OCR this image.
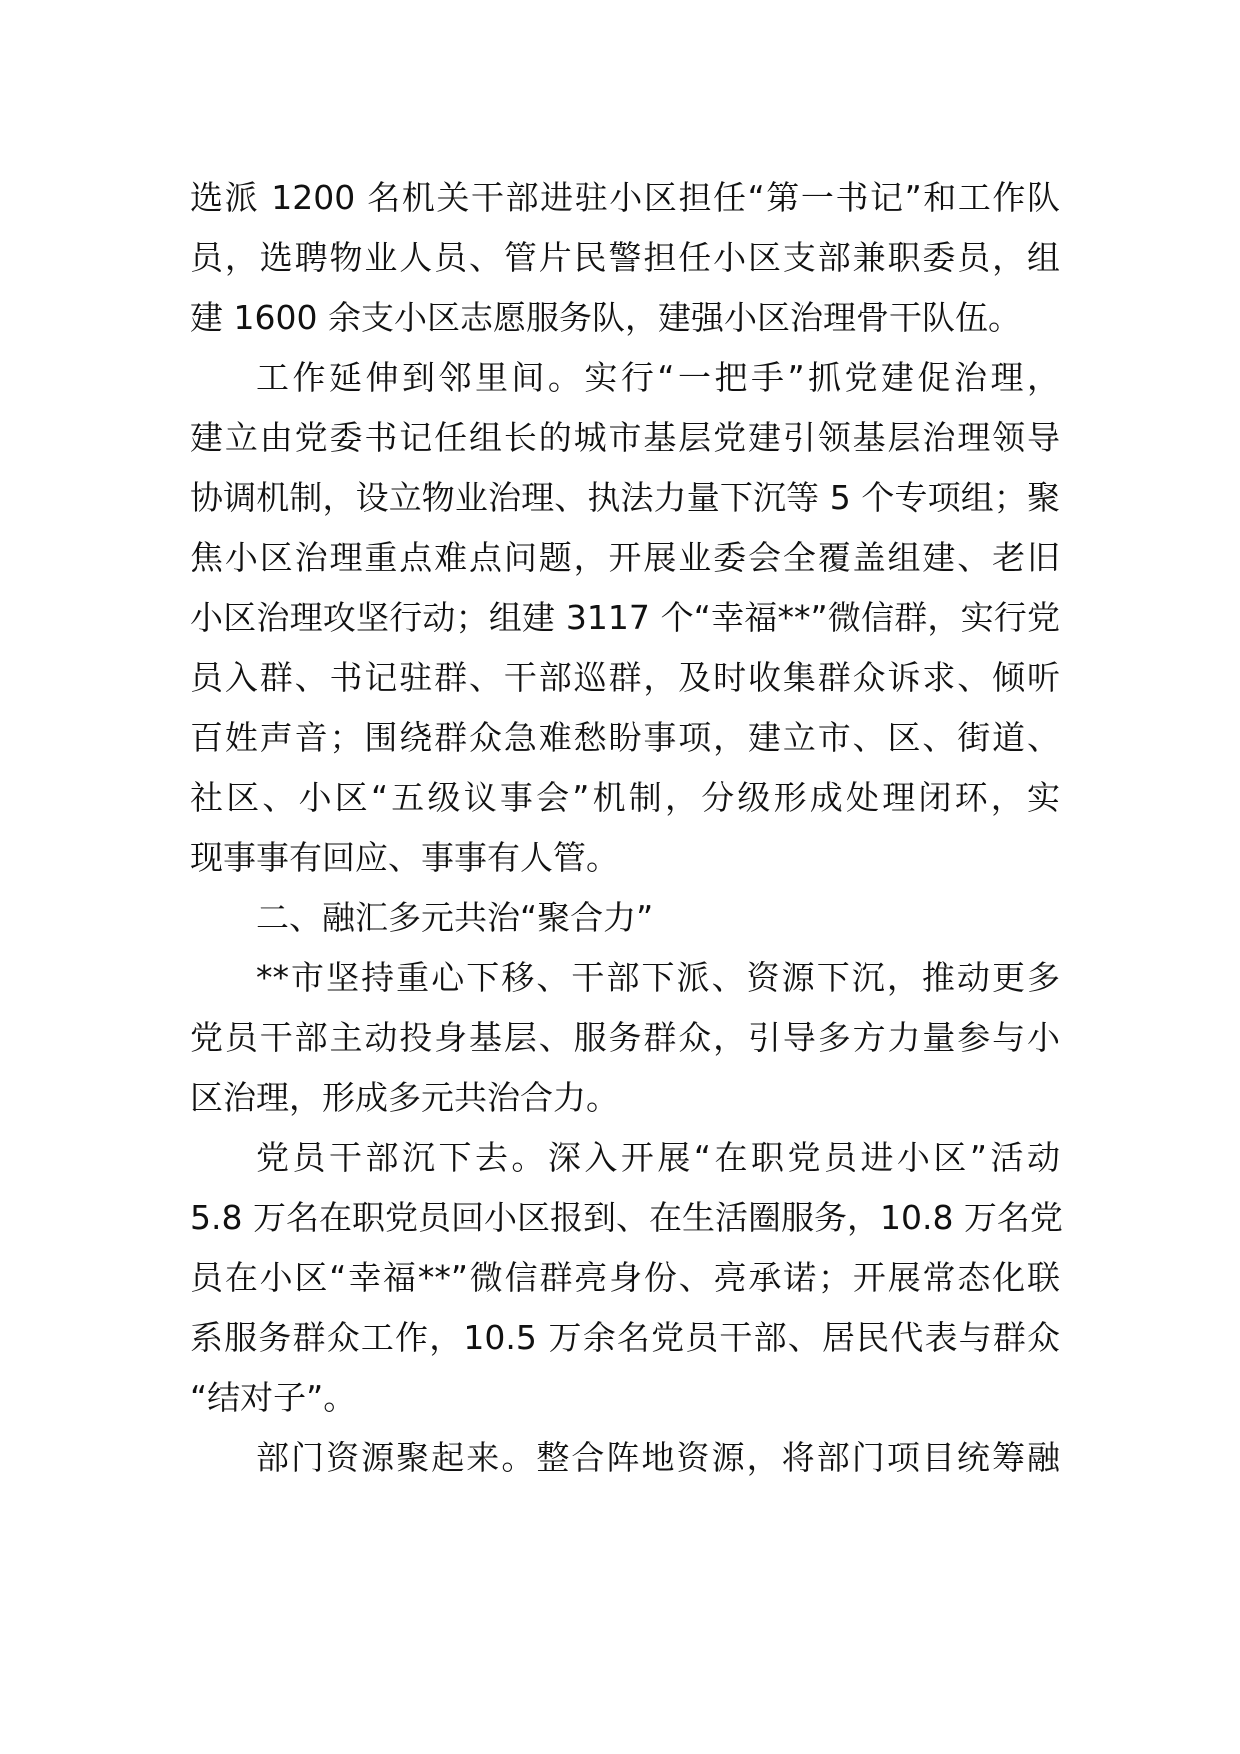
选派 1200 名机关干部进驻小区担任“第一书记”和工作队
员，选聘物业人员、管片民警担任小区支部兼职委员，组
建 1600 余支小区志愿服务队，建强小区治理骨干队伍。
工作延伸到邻里间。实行“一把手”抓党建促治理，
建立由党委书记任组长的城市基层党建引领基层治理领导
协调机制，设立物业治理、执法力量下沉等 5 个专项组；聚
焦小区治理重点难点问题，开展业委会全覆盖组建、老旧
小区治理攻坚行动；组建 3117 个“幸福**”微信群，实行党
员入群、书记驻群、干部巡群，及时收集群众诉求、倾听
百姓声音；围绕群众急难愁盼事项，建立市、区、街道、
社区、小区“五级议事会”机制，分级形成处理闭环，实
现事事有回应、事事有人管。
二、融汇多元共治“聚合力”
**市坚持重心下移、干部下派、资源下沉，推动更多
党员干部主动投身基层、服务群众，引导多方力量参与小
区治理，形成多元共治合力。
党员干部沉下去。深入开展“在职党员进小区”活动
5.8 万名在职党员回小区报到、在生活圈服务，10.8 万名党
员在小区“幸福**”微信群亮身份、亮承诺；开展常态化联
系服务群众工作，10.5 万余名党员干部、居民代表与群众
“结对子”。
部门资源聚起来。整合阵地资源，将部门项目统筹融
